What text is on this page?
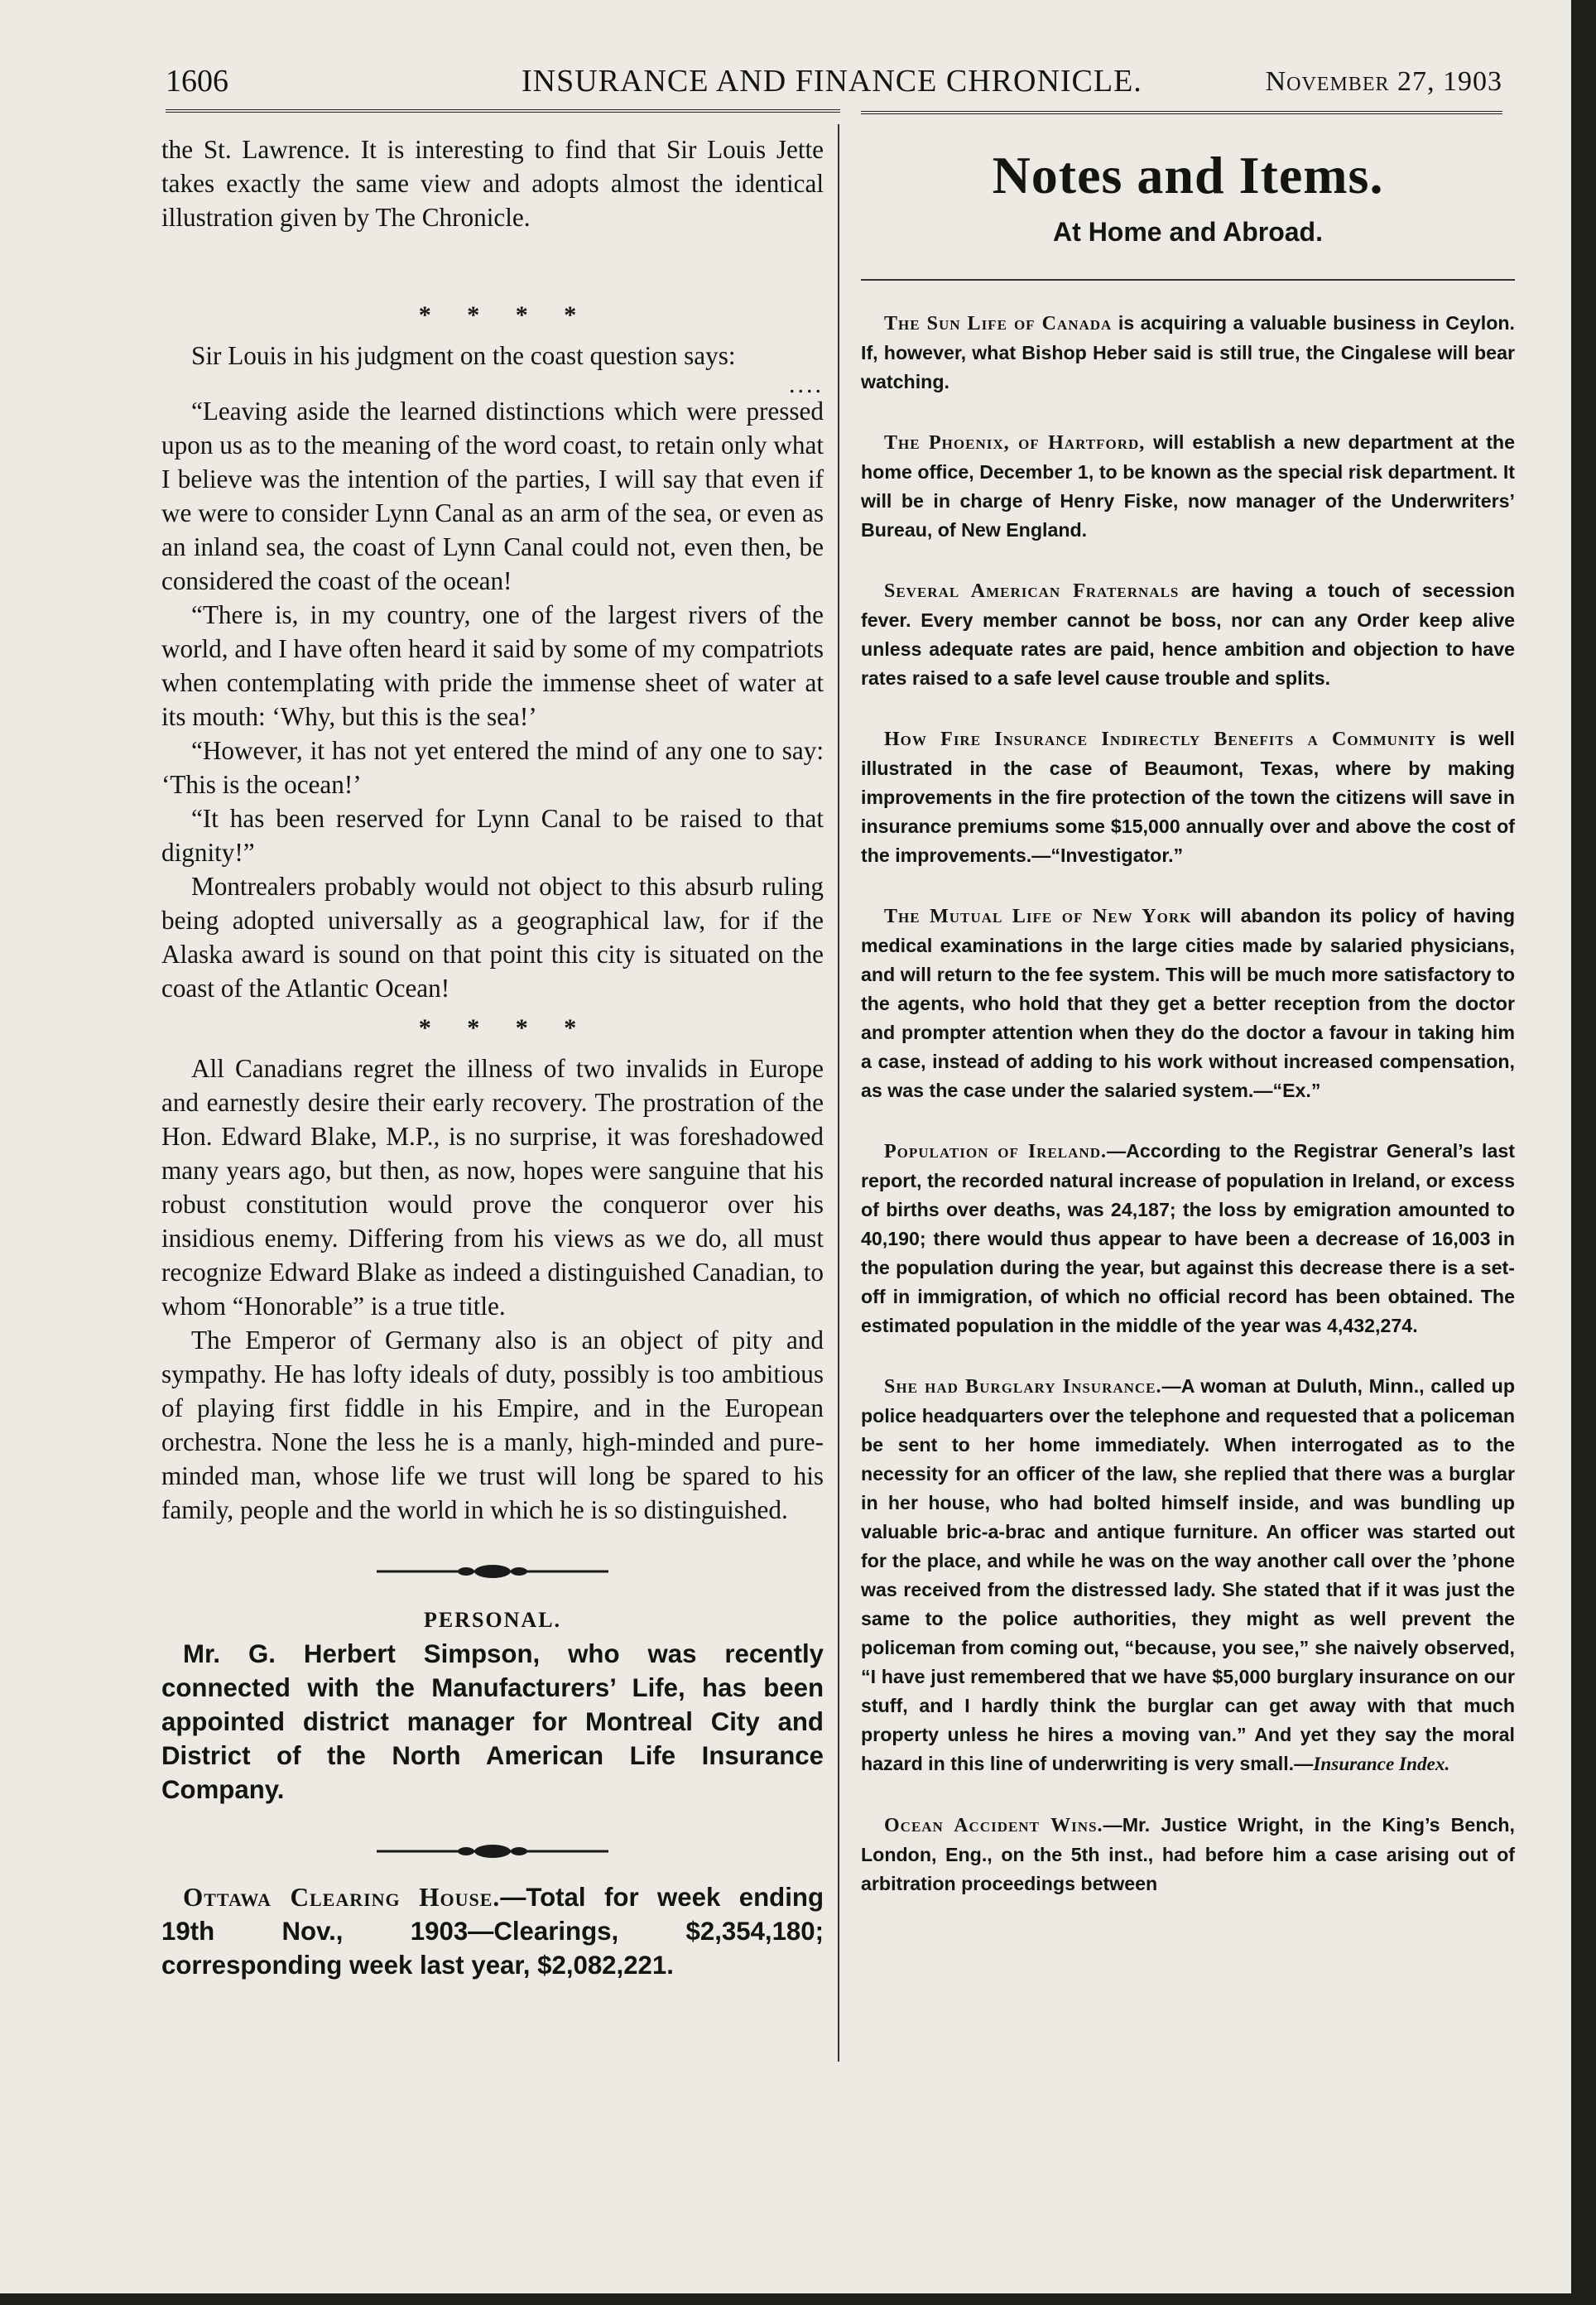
1606	INSURANCE AND FINANCE CHRONICLE.	November 27, 1903

the St. Lawrence. It is interesting to find that Sir Louis Jette takes exactly the same view and adopts almost the identical illustration given by The Chronicle.

* * * *

Sir Louis in his judgment on the coast question says:

....

“Leaving aside the learned distinctions which were pressed upon us as to the meaning of the word coast, to retain only what I believe was the intention of the parties, I will say that even if we were to consider Lynn Canal as an arm of the sea, or even as an inland sea, the coast of Lynn Canal could not, even then, be considered the coast of the ocean!

“There is, in my country, one of the largest rivers of the world, and I have often heard it said by some of my compatriots when contemplating with pride the immense sheet of water at its mouth: ‘Why, but this is the sea!’

“However, it has not yet entered the mind of any one to say: ‘This is the ocean!’

“It has been reserved for Lynn Canal to be raised to that dignity!”

Montrealers probably would not object to this absurb ruling being adopted universally as a geographical law, for if the Alaska award is sound on that point this city is situated on the coast of the Atlantic Ocean!

* * * *

All Canadians regret the illness of two invalids in Europe and earnestly desire their early recovery. The prostration of the Hon. Edward Blake, M.P., is no surprise, it was foreshadowed many years ago, but then, as now, hopes were sanguine that his robust constitution would prove the conqueror over his insidious enemy. Differing from his views as we do, all must recognize Edward Blake as indeed a distinguished Canadian, to whom “Honorable” is a true title.

The Emperor of Germany also is an object of pity and sympathy. He has lofty ideals of duty, possibly is too ambitious of playing first fiddle in his Empire, and in the European orchestra. None the less he is a manly, high-minded and pure-minded man, whose life we trust will long be spared to his family, people and the world in which he is so distinguished.

PERSONAL.

Mr. G. Herbert Simpson, who was recently connected with the Manufacturers’ Life, has been appointed district manager for Montreal City and District of the North American Life Insurance Company.

Ottawa Clearing House.—Total for week ending 19th Nov., 1903—Clearings, $2,354,180; corresponding week last year, $2,082,221.

Notes and Items.
At Home and Abroad.

The Sun Life of Canada is acquiring a valuable business in Ceylon. If, however, what Bishop Heber said is still true, the Cingalese will bear watching.

The Phoenix, of Hartford, will establish a new department at the home office, December 1, to be known as the special risk department. It will be in charge of Henry Fiske, now manager of the Underwriters’ Bureau, of New England.

Several American Fraternals are having a touch of secession fever. Every member cannot be boss, nor can any Order keep alive unless adequate rates are paid, hence ambition and objection to have rates raised to a safe level cause trouble and splits.

How Fire Insurance Indirectly Benefits a Community is well illustrated in the case of Beaumont, Texas, where by making improvements in the fire protection of the town the citizens will save in insurance premiums some $15,000 annually over and above the cost of the improvements.—“Investigator.”

The Mutual Life of New York will abandon its policy of having medical examinations in the large cities made by salaried physicians, and will return to the fee system. This will be much more satisfactory to the agents, who hold that they get a better reception from the doctor and prompter attention when they do the doctor a favour in taking him a case, instead of adding to his work without increased compensation, as was the case under the salaried system.—“Ex.”

Population of Ireland.—According to the Registrar General’s last report, the recorded natural increase of population in Ireland, or excess of births over deaths, was 24,187; the loss by emigration amounted to 40,190; there would thus appear to have been a decrease of 16,003 in the population during the year, but against this decrease there is a set-off in immigration, of which no official record has been obtained. The estimated population in the middle of the year was 4,432,274.

She had Burglary Insurance.—A woman at Duluth, Minn., called up police headquarters over the telephone and requested that a policeman be sent to her home immediately. When interrogated as to the necessity for an officer of the law, she replied that there was a burglar in her house, who had bolted himself inside, and was bundling up valuable bric-a-brac and antique furniture. An officer was started out for the place, and while he was on the way another call over the ’phone was received from the distressed lady. She stated that if it was just the same to the police authorities, they might as well prevent the policeman from coming out, “because, you see,” she naively observed, “I have just remembered that we have $5,000 burglary insurance on our stuff, and I hardly think the burglar can get away with that much property unless he hires a moving van.” And yet they say the moral hazard in this line of underwriting is very small.—Insurance Index.

Ocean Accident Wins.—Mr. Justice Wright, in the King’s Bench, London, Eng., on the 5th inst., had before him a case arising out of arbitration proceedings between
